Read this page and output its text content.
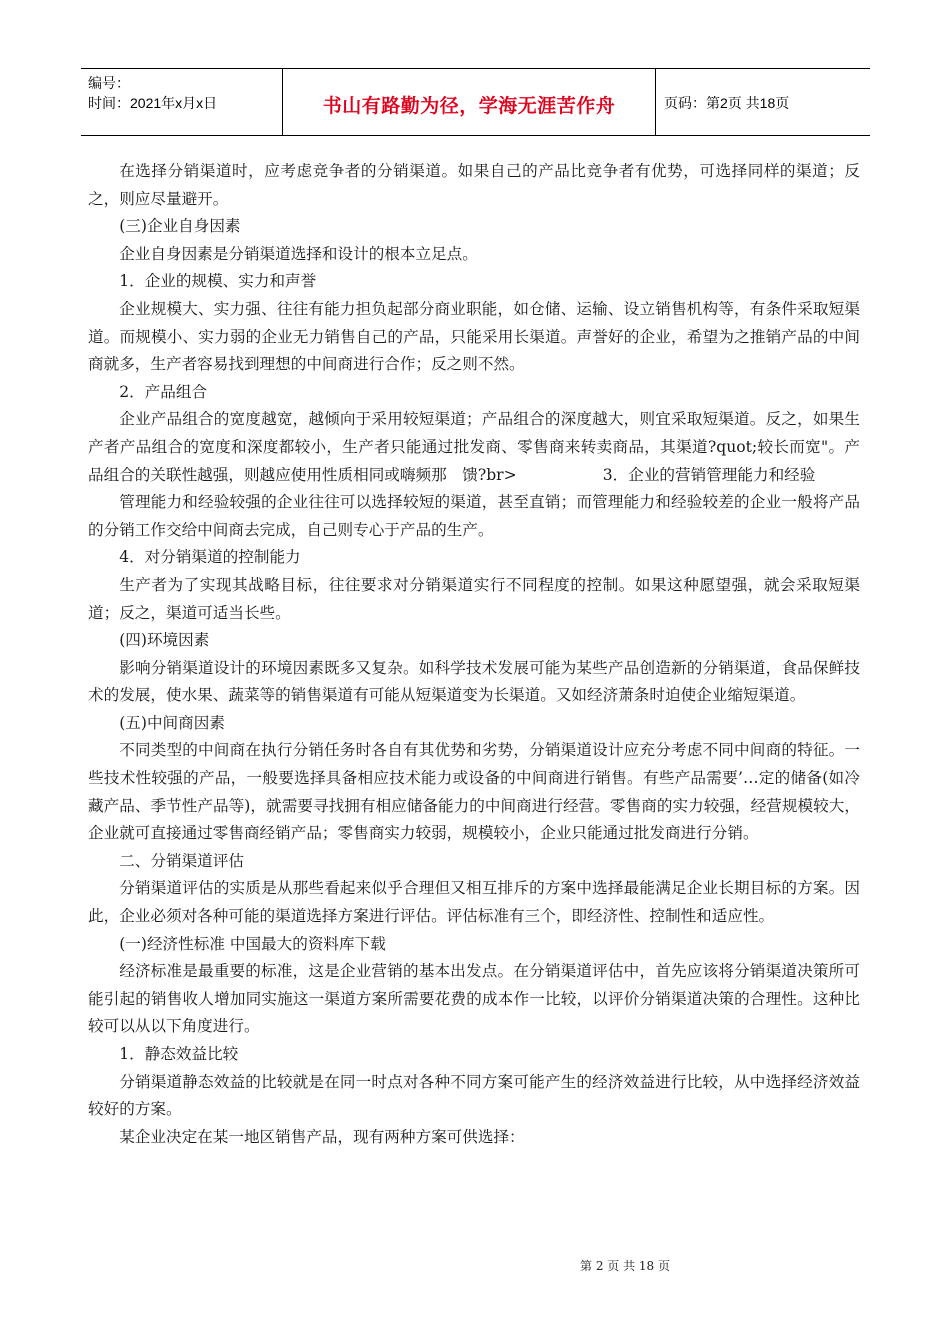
编号：
时间：2021年x月x日	书山有路勤为径，学海无涯苦作舟	页码：第2页 共18页

在选择分销渠道时，应考虑竞争者的分销渠道。如果自己的产品比竞争者有优势，可选择同样的渠道；反之，则应尽量避开。

(三)企业自身因素

企业自身因素是分销渠道选择和设计的根本立足点。

1．企业的规模、实力和声誉

企业规模大、实力强、往往有能力担负起部分商业职能，如仓储、运输、设立销售机构等，有条件采取短渠道。而规模小、实力弱的企业无力销售自己的产品，只能采用长渠道。声誉好的企业，希望为之推销产品的中间商就多，生产者容易找到理想的中间商进行合作；反之则不然。

2．产品组合

企业产品组合的宽度越宽，越倾向于采用较短渠道；产品组合的深度越大，则宜采取短渠道。反之，如果生产者产品组合的宽度和深度都较小，生产者只能通过批发商、零售商来转卖商品，其渠道?quot;较长而宽"。产品组合的关联性越强，则越应使用性质相同或嗨频那　馈?br>	3．企业的营销管理能力和经验

管理能力和经验较强的企业往往可以选择较短的渠道，甚至直销；而管理能力和经验较差的企业一般将产品的分销工作交给中间商去完成，自己则专心于产品的生产。

4．对分销渠道的控制能力

生产者为了实现其战略目标，往往要求对分销渠道实行不同程度的控制。如果这种愿望强，就会采取短渠道；反之，渠道可适当长些。

(四)环境因素

影响分销渠道设计的环境因素既多又复杂。如科学技术发展可能为某些产品创造新的分销渠道，食品保鲜技术的发展，使水果、蔬菜等的销售渠道有可能从短渠道变为长渠道。又如经济萧条时迫使企业缩短渠道。

(五)中间商因素

不同类型的中间商在执行分销任务时各自有其优势和劣势，分销渠道设计应充分考虑不同中间商的特征。一些技术性较强的产品，一般要选择具备相应技术能力或设备的中间商进行销售。有些产品需要’…定的储备(如冷藏产品、季节性产品等)，就需要寻找拥有相应储备能力的中间商进行经营。零售商的实力较强，经营规模较大，企业就可直接通过零售商经销产品；零售商实力较弱，规模较小，企业只能通过批发商进行分销。

二、分销渠道评估

分销渠道评估的实质是从那些看起来似乎合理但又相互排斥的方案中选择最能满足企业长期目标的方案。因此，企业必须对各种可能的渠道选择方案进行评估。评估标准有三个，即经济性、控制性和适应性。

(一)经济性标准 中国最大的资料库下载

经济标准是最重要的标准，这是企业营销的基本出发点。在分销渠道评估中，首先应该将分销渠道决策所可能引起的销售收人增加同实施这一渠道方案所需要花费的成本作一比较，以评价分销渠道决策的合理性。这种比较可以从以下角度进行。

1．静态效益比较

分销渠道静态效益的比较就是在同一时点对各种不同方案可能产生的经济效益进行比较，从中选择经济效益较好的方案。

某企业决定在某一地区销售产品，现有两种方案可供选择：

第 2 页 共 18 页
